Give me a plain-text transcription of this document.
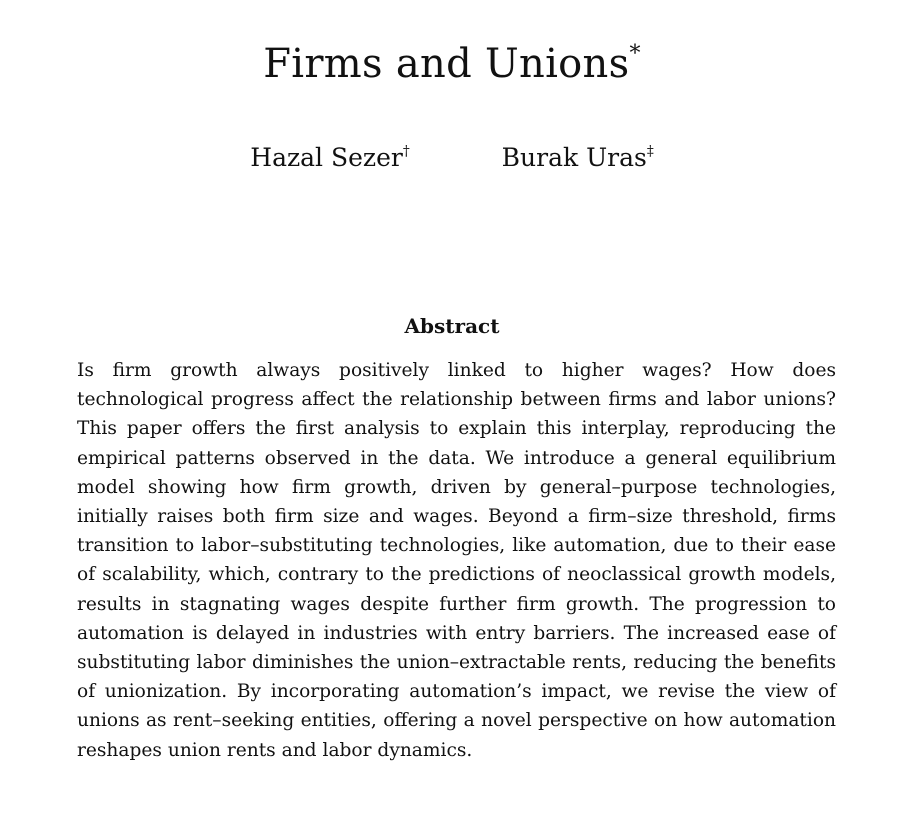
Firms and Unions*
Hazal Sezer†	Burak Uras‡
Abstract

Is firm growth always positively linked to higher wages? How does technological progress affect the relationship between firms and labor unions? This paper offers the first analysis to explain this interplay, reproducing the empirical patterns observed in the data. We introduce a general equilibrium model showing how firm growth, driven by general–purpose technologies, initially raises both firm size and wages. Beyond a firm–size threshold, firms transition to labor–substituting technologies, like automation, due to their ease of scalability, which, contrary to the predictions of neoclassical growth models, results in stagnating wages despite further firm growth. The progression to automation is delayed in industries with entry barriers. The increased ease of substituting labor diminishes the union–extractable rents, reducing the benefits of unionization. By incorporating automation’s impact, we revise the view of unions as rent–seeking entities, offering a novel perspective on how automation reshapes union rents and labor dynamics.
